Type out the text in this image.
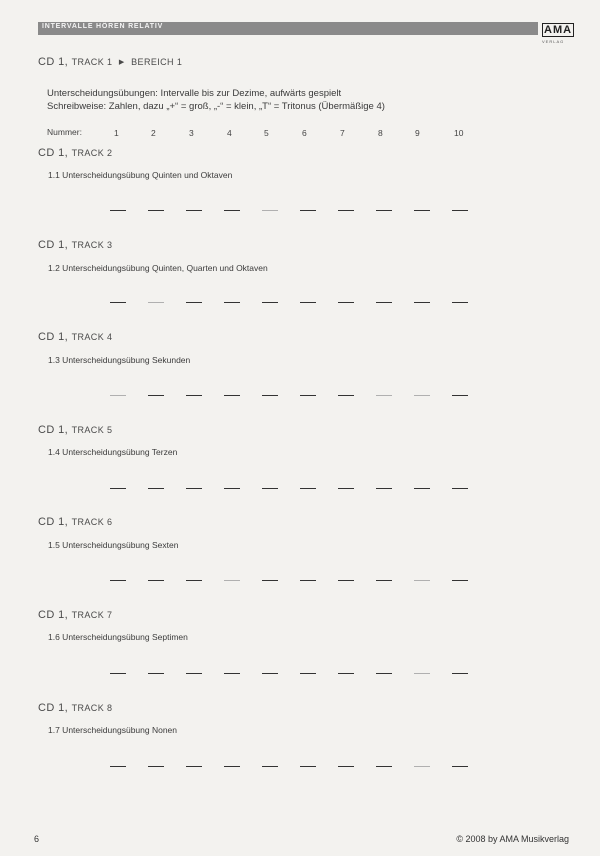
INTERVALLE HÖREN RELATIV	AMA
VERLAG
CD 1, TRACK 1 ▶ BEREICH 1
Unterscheidungsübungen: Intervalle bis zur Dezime, aufwärts gespielt
Schreibweise: Zahlen, dazu „+“ = groß, „-“ = klein, „T“ = Tritonus (Übermäßige 4)
Nummer:	1	2	3	4	5	6	7	8	9	10
CD 1, TRACK 2
1.1 Unterscheidungsübung Quinten und Oktaven
CD 1, TRACK 3
1.2 Unterscheidungsübung Quinten, Quarten und Oktaven
CD 1, TRACK 4
1.3 Unterscheidungsübung Sekunden
CD 1, TRACK 5
1.4 Unterscheidungsübung Terzen
CD 1, TRACK 6
1.5 Unterscheidungsübung Sexten
CD 1, TRACK 7
1.6 Unterscheidungsübung Septimen
CD 1, TRACK 8
1.7 Unterscheidungsübung Nonen
6	© 2008 by AMA Musikverlag
